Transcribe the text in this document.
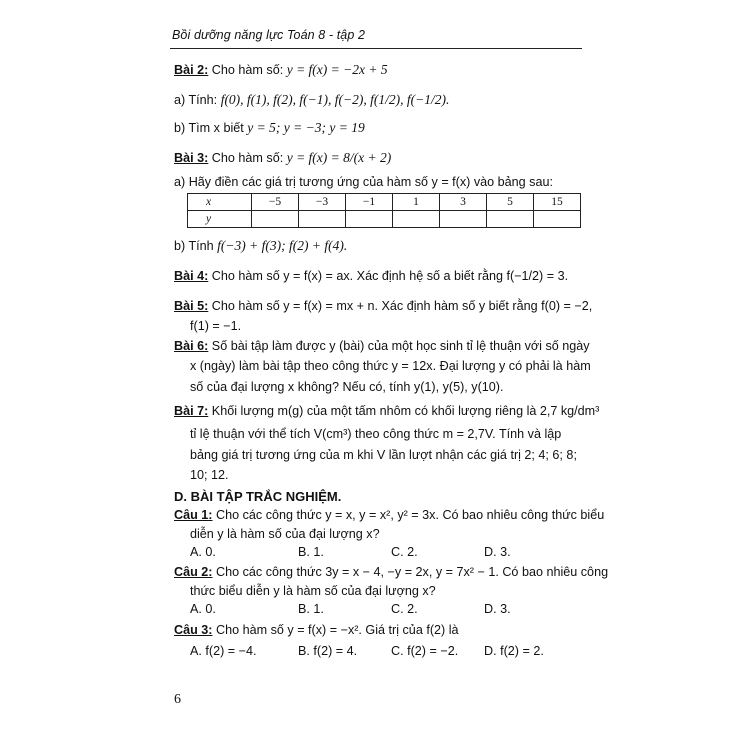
Bồi dưỡng năng lực Toán 8 - tập 2
Bài 2: Cho hàm số: y = f(x) = −2x + 5
a) Tính: f(0), f(1), f(2), f(−1), f(−2), f(1/2), f(−1/2).
b) Tìm x biết y = 5; y = −3; y = 19
Bài 3: Cho hàm số: y = f(x) = 8/(x + 2)
a) Hãy điền các giá trị tương ứng của hàm số y = f(x) vào bảng sau:
x	−5	−3	−1	1	3	5	15
y							
b) Tính f(−3) + f(3); f(2) + f(4).
Bài 4: Cho hàm số y = f(x) = ax. Xác định hệ số a biết rằng f(−1/2) = 3.
Bài 5: Cho hàm số y = f(x) = mx + n. Xác định hàm số y biết rằng f(0) = −2,
f(1) = −1.
Bài 6: Số bài tập làm được y (bài) của một học sinh tỉ lệ thuận với số ngày
x (ngày) làm bài tập theo công thức y = 12x. Đại lượng y có phải là hàm
số của đại lượng x không? Nếu có, tính y(1), y(5), y(10).
Bài 7: Khối lượng m(g) của một tấm nhôm có khối lượng riêng là 2,7 kg/dm³
tỉ lệ thuận với thể tích V(cm³) theo công thức m = 2,7V. Tính và lập
bảng giá trị tương ứng của m khi V lần lượt nhận các giá trị 2; 4; 6; 8;
10; 12.
D. BÀI TẬP TRẮC NGHIỆM.
Câu 1: Cho các công thức y = x, y = x², y² = 3x. Có bao nhiêu công thức biểu
diễn y là hàm số của đại lượng x?
A. 0.	B. 1.	C. 2.	D. 3.
Câu 2: Cho các công thức 3y = x − 4, −y = 2x, y = 7x² − 1. Có bao nhiêu công
thức biểu diễn y là hàm số của đại lượng x?
A. 0.	B. 1.	C. 2.	D. 3.
Câu 3: Cho hàm số y = f(x) = −x². Giá trị của f(2) là
A. f(2) = −4.	B. f(2) = 4.	C. f(2) = −2. D. f(2) = 2.
6
